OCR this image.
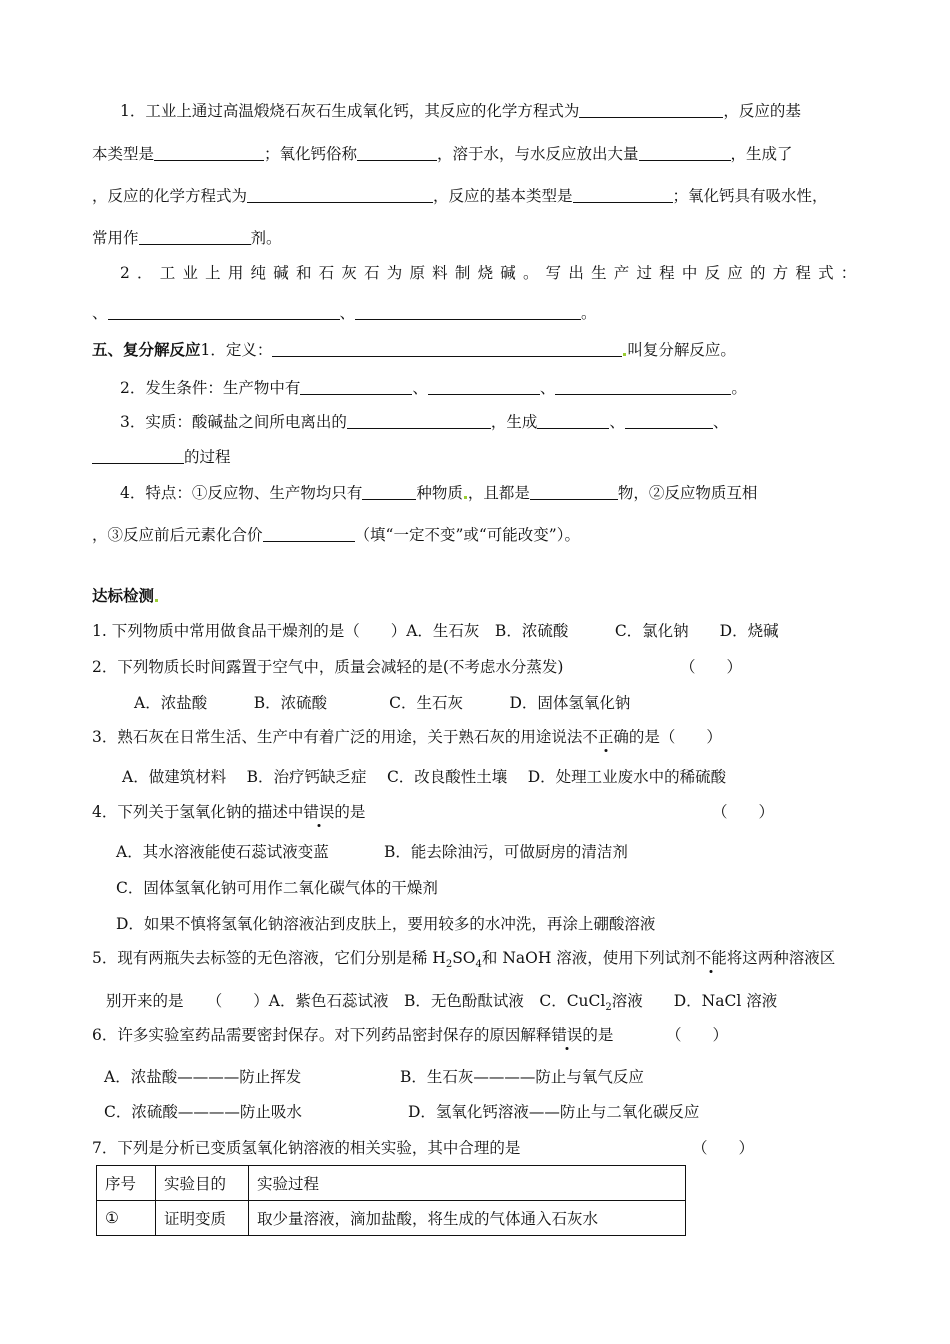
1．工业上通过高温煅烧石灰石生成氧化钙，其反应的化学方程式为	，反应的基
本类型是	；氧化钙俗称	，溶于水，与水反应放出大量	，生成了
，反应的化学方程式为	，反应的基本类型是	；氧化钙具有吸水性，
常用作	剂。
2．工业上用纯碱和石灰石为原料制烧碱。写出生产过程中反应的方程式：
、	、	。
五、复分解反应1．定义：	叫复分解反应。
2．发生条件：生产物中有	、	、	。
3．实质：酸碱盐之间所电离出的	，生成	、	、
的过程
4．特点：①反应物、生产物均只有	种物质 ，且都是	物，②反应物质互相
，③反应前后元素化合价	（填“一定不变”或“可能改变”）。
达标检测
1. 下列物质中常用做食品干燥剂的是（　　）A．生石灰　B．浓硫酸　　　C．氯化钠　　D．烧碱
2．下列物质长时间露置于空气中，质量会减轻的是(不考虑水分蒸发)	（　　）
A．浓盐酸　　　B．浓硫酸　　　　C．生石灰　　　D．固体氢氧化钠
3．熟石灰在日常生活、生产中有着广泛的用途，关于熟石灰的用途说法不正确的是（　　）
A．做建筑材料　 B．治疗钙缺乏症　 C．改良酸性土壤　 D．处理工业废水中的稀硫酸
4．下列关于氢氧化钠的描述中错误的是	（　　）
A．其水溶液能使石蕊试液变蓝	B．能去除油污，可做厨房的清洁剂
C．固体氢氧化钠可用作二氧化碳气体的干燥剂
D．如果不慎将氢氧化钠溶液沾到皮肤上，要用较多的水冲洗，再涂上硼酸溶液
5．现有两瓶失去标签的无色溶液，它们分别是稀 $H_2SO_4$和 NaOH 溶液，使用下列试剂不能将这两种溶液区
别开来的是　　（　　）A．紫色石蕊试液　B．无色酚酞试液　C．CuCl$_2$溶液　　D．NaCl 溶液
6．许多实验室药品需要密封保存。对下列药品密封保存的原因解释错误的是	（　　）
A．浓盐酸————防止挥发	B．生石灰————防止与氧气反应
C．浓硫酸————防止吸水	D．氢氧化钙溶液——防止与二氧化碳反应
7．下列是分析已变质氢氧化钠溶液的相关实验，其中合理的是	（　　）
序号	实验目的	实验过程
①	证明变质	取少量溶液，滴加盐酸，将生成的气体通入石灰水
